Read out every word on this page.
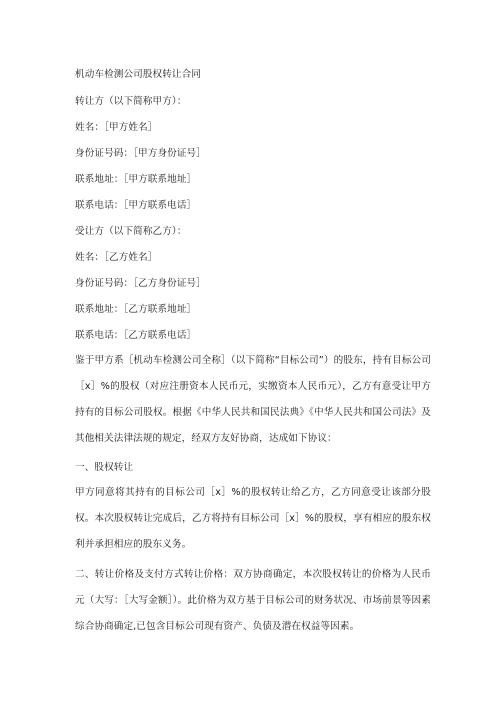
机动车检测公司股权转让合同
转让方（以下简称甲方）：
姓名：［甲方姓名］
身份证号码：［甲方身份证号］
联系地址：［甲方联系地址］
联系电话：［甲方联系电话］
受让方（以下简称乙方）：
姓名：［乙方姓名］
身份证号码：［乙方身份证号］
联系地址：［乙方联系地址］
联系电话：［乙方联系电话］
鉴于甲方系［机动车检测公司全称］（以下简称“目标公司”）的股东，持有目标公司［x］%的股权（对应注册资本人民币元，实缴资本人民币元），乙方有意受让甲方持有的目标公司股权。根据《中华人民共和国民法典》《中华人民共和国公司法》及其他相关法律法规的规定，经双方友好协商，达成如下协议：
一、股权转让
甲方同意将其持有的目标公司［x］%的股权转让给乙方，乙方同意受让该部分股权。本次股权转让完成后，乙方将持有目标公司［x］%的股权，享有相应的股东权利并承担相应的股东义务。
二、转让价格及支付方式转让价格：双方协商确定，本次股权转让的价格为人民币元（大写：［大写金额］）。此价格为双方基于目标公司的财务状况、市场前景等因素综合协商确定,已包含目标公司现有资产、负债及潜在权益等因素。
